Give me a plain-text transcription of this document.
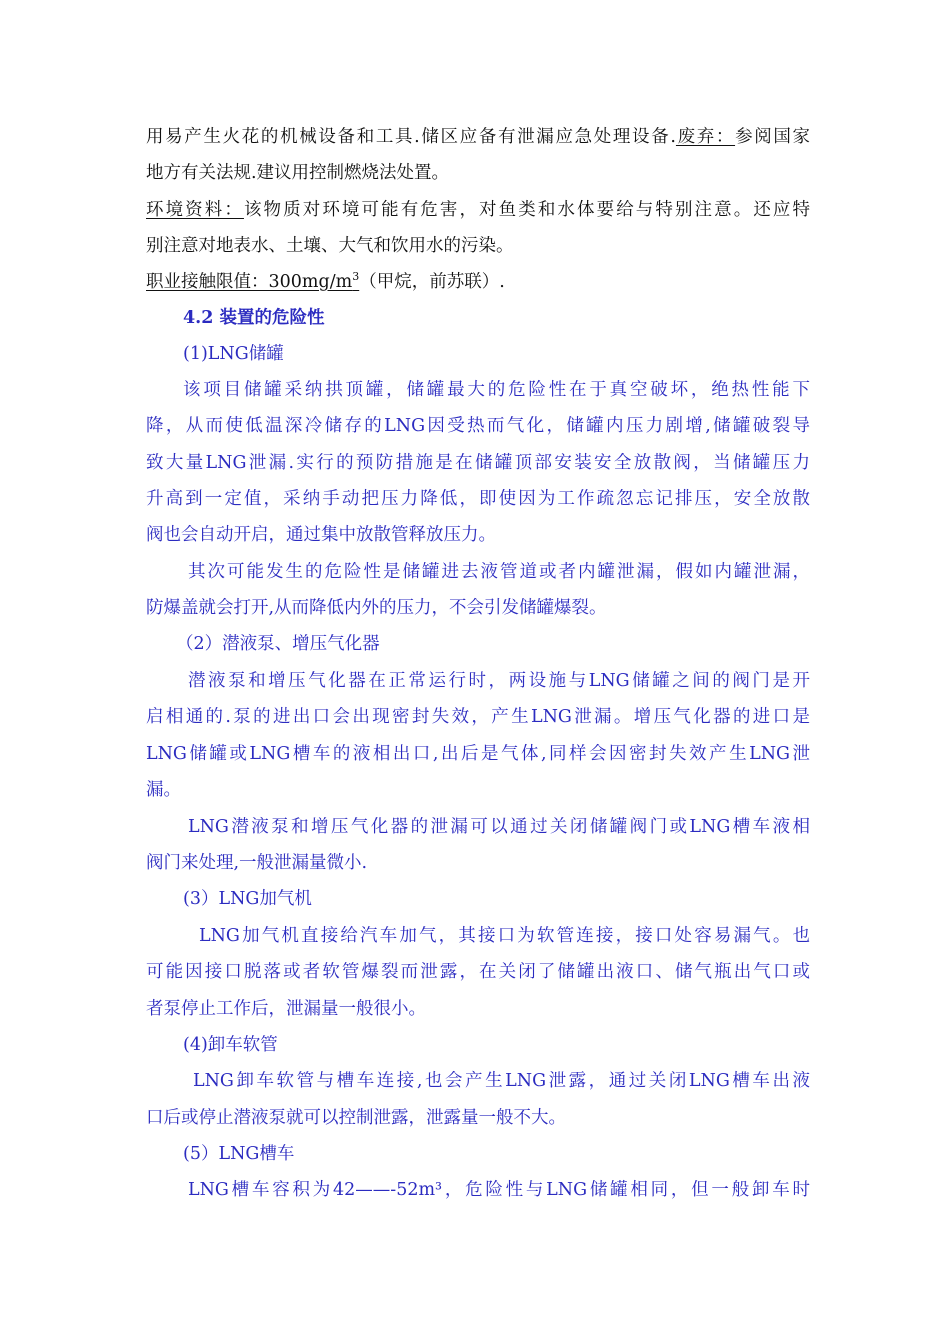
用易产生火花的机械设备和工具.储区应备有泄漏应急处理设备.废弃：参阅国家
地方有关法规.建议用控制燃烧法处置。
环境资料：该物质对环境可能有危害，对鱼类和水体要给与特别注意。还应特
别注意对地表水、土壤、大气和饮用水的污染。
职业接触限值：$300mg/m^3$（甲烷，前苏联）.
4.2 装置的危险性
(1)LNG储罐
该项目储罐采纳拱顶罐，储罐最大的危险性在于真空破坏，绝热性能下
降，从而使低温深冷储存的LNG因受热而气化，储罐内压力剧增,储罐破裂导
致大量LNG泄漏.实行的预防措施是在储罐顶部安装安全放散阀，当储罐压力
升高到一定值，采纳手动把压力降低，即使因为工作疏忽忘记排压，安全放散
阀也会自动开启，通过集中放散管释放压力。
其次可能发生的危险性是储罐进去液管道或者内罐泄漏，假如内罐泄漏，
防爆盖就会打开,从而降低内外的压力，不会引发储罐爆裂。
（2）潜液泵、增压气化器
潜液泵和增压气化器在正常运行时，两设施与LNG储罐之间的阀门是开
启相通的.泵的进出口会出现密封失效，产生LNG泄漏。增压气化器的进口是
LNG储罐或LNG槽车的液相出口,出后是气体,同样会因密封失效产生LNG泄
漏。
LNG潜液泵和增压气化器的泄漏可以通过关闭储罐阀门或LNG槽车液相
阀门来处理,一般泄漏量微小.
(3）LNG加气机
LNG加气机直接给汽车加气，其接口为软管连接，接口处容易漏气。也
可能因接口脱落或者软管爆裂而泄露，在关闭了储罐出液口、储气瓶出气口或
者泵停止工作后，泄漏量一般很小。
(4)卸车软管
LNG卸车软管与槽车连接,也会产生LNG泄露，通过关闭LNG槽车出液
口后或停止潜液泵就可以控制泄露，泄露量一般不大。
(5）LNG槽车
LNG槽车容积为42——-52m³，危险性与LNG储罐相同，但一般卸车时
